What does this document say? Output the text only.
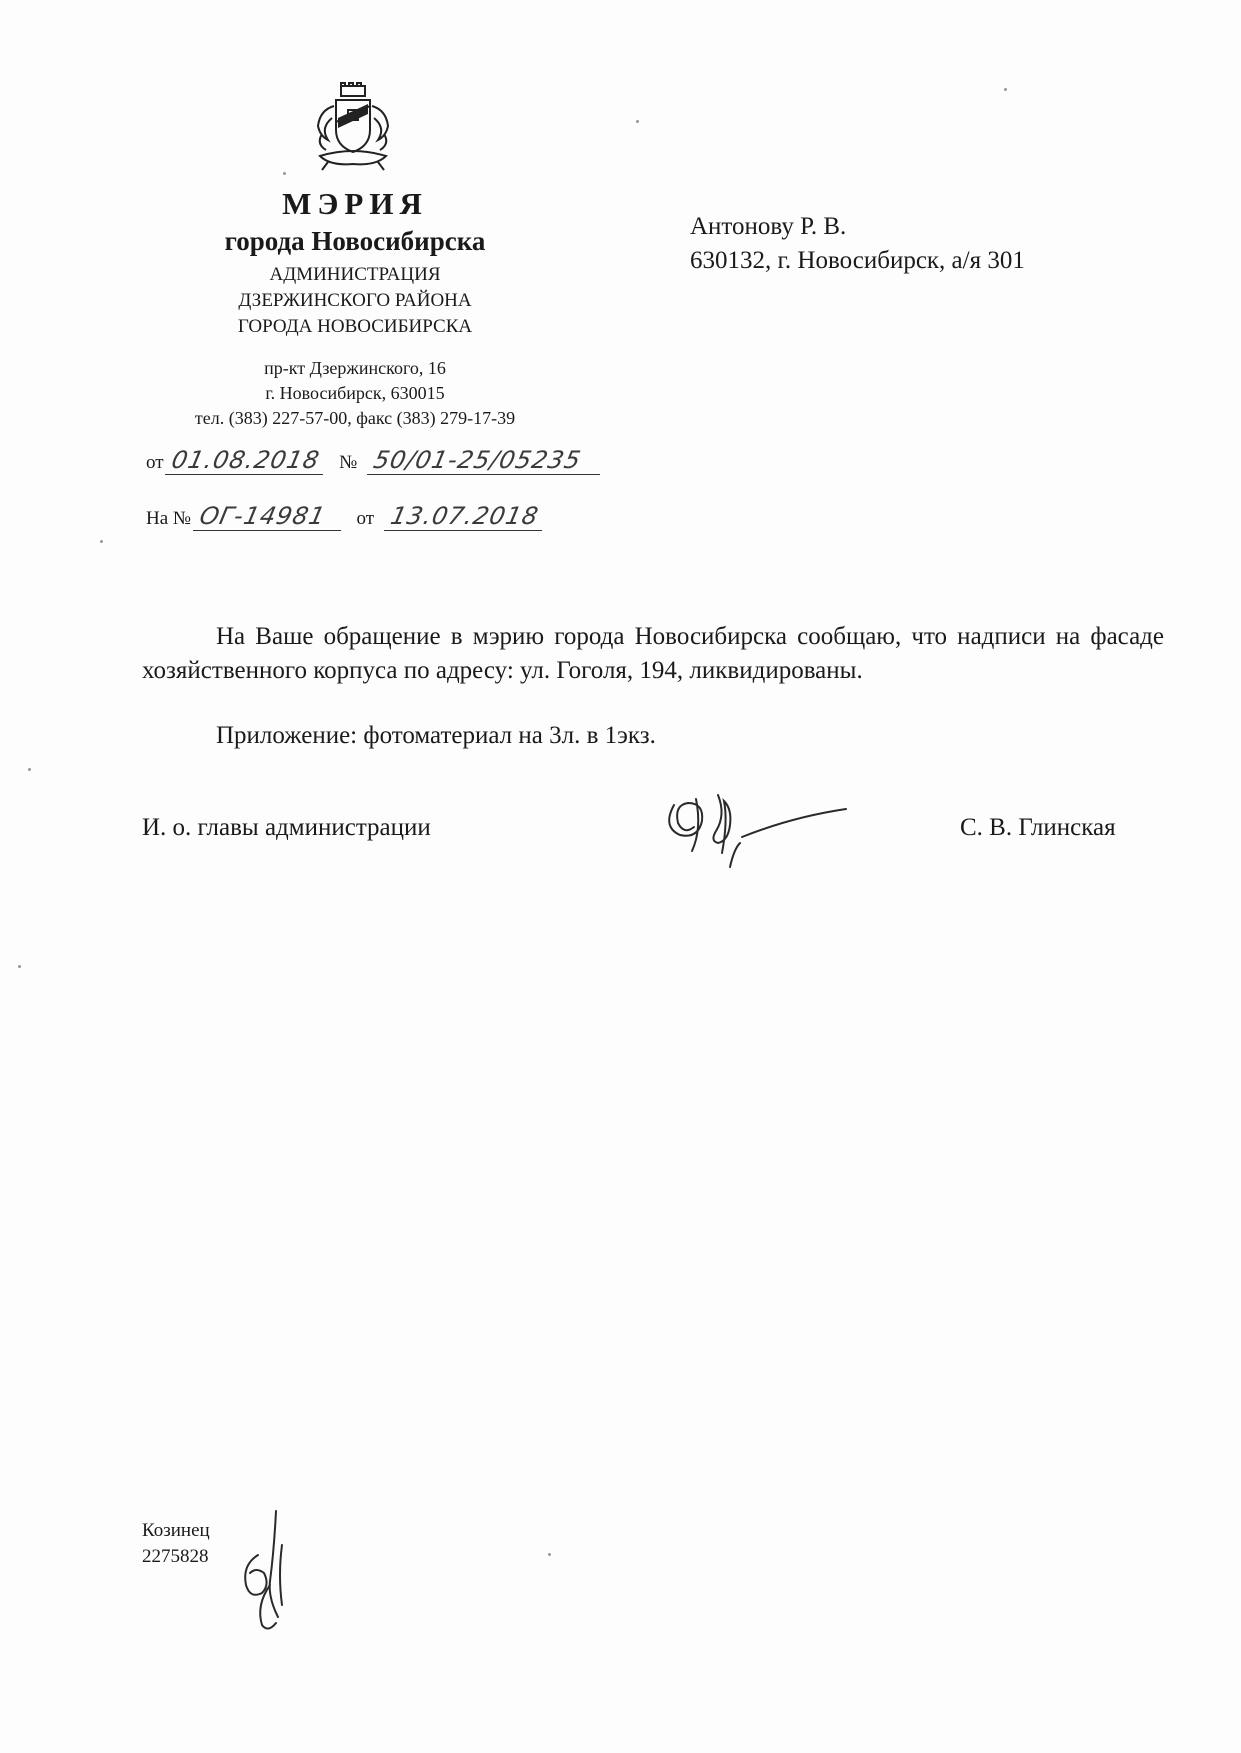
МЭРИЯ
города Новосибирска
АДМИНИСТРАЦИЯ
ДЗЕРЖИНСКОГО РАЙОНА
ГОРОДА НОВОСИБИРСКА
пр-кт Дзержинского, 16
г. Новосибирск, 630015
тел. (383) 227-57-00, факс (383) 279-17-39
от 01.08.2018 № 50/01-25/05235
На № ОГ-14981 от 13.07.2018
Антонову Р. В.
630132, г. Новосибирск, а/я 301
На Ваше обращение в мэрию города Новосибирска сообщаю, что надписи на фасаде хозяйственного корпуса по адресу: ул. Гоголя, 194, ликвидированы.
Приложение: фотоматериал на 3л. в 1экз.
И. о. главы администрации	С. В. Глинская
Козинец
2275828
